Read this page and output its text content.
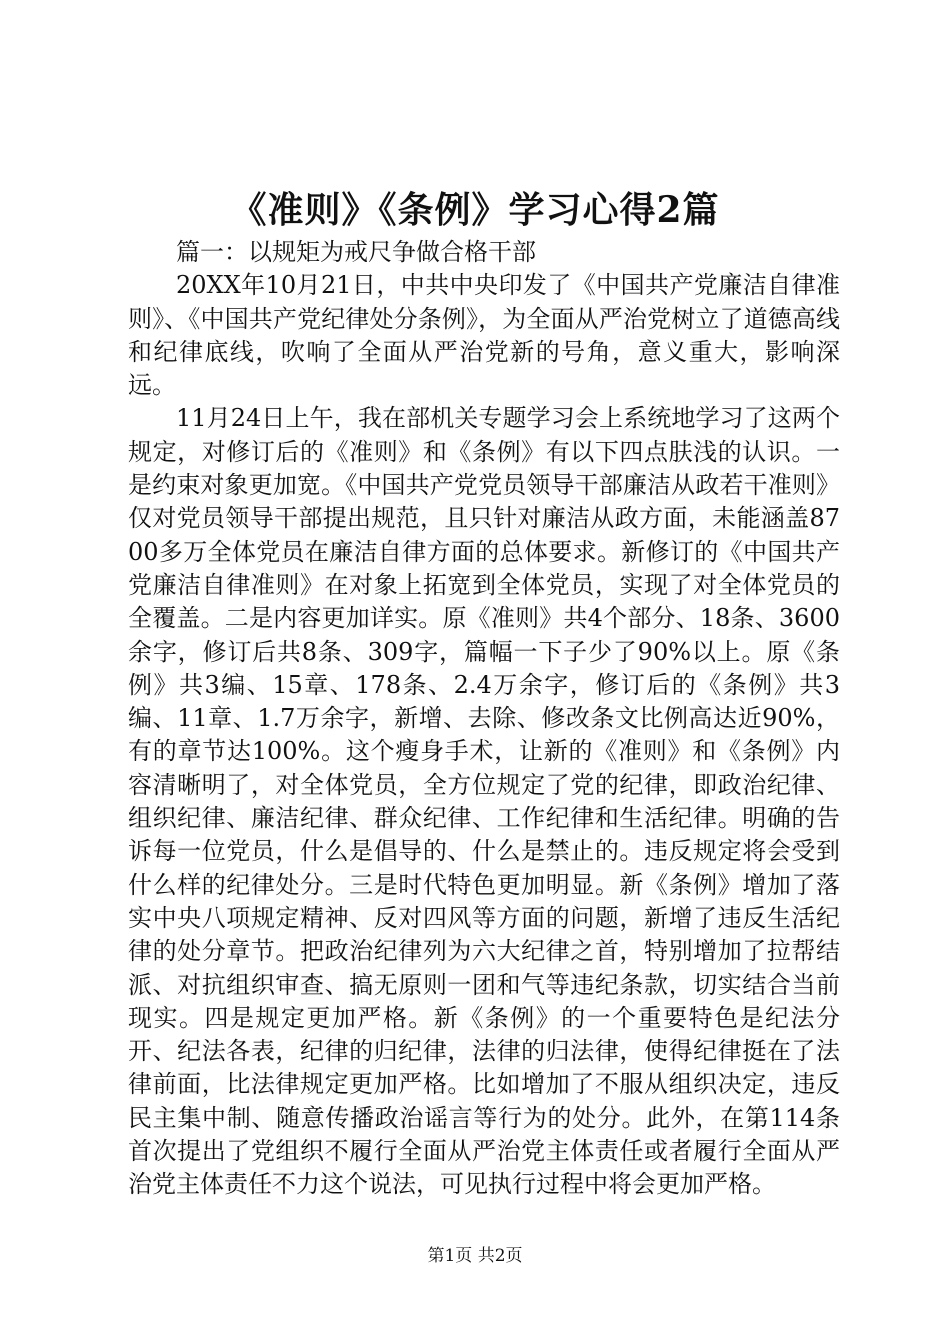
《准则》《条例》学习心得2篇

篇一：以规矩为戒尺争做合格干部

20XX年10月21日，中共中央印发了《中国共产党廉洁自律准则》、《中国共产党纪律处分条例》，为全面从严治党树立了道德高线和纪律底线，吹响了全面从严治党新的号角，意义重大，影响深远。

11月24日上午，我在部机关专题学习会上系统地学习了这两个规定，对修订后的《准则》和《条例》有以下四点肤浅的认识。一是约束对象更加宽。《中国共产党党员领导干部廉洁从政若干准则》仅对党员领导干部提出规范，且只针对廉洁从政方面，未能涵盖8700多万全体党员在廉洁自律方面的总体要求。新修订的《中国共产党廉洁自律准则》在对象上拓宽到全体党员，实现了对全体党员的全覆盖。二是内容更加详实。原《准则》共4个部分、18条、3600余字，修订后共8条、309字，篇幅一下子少了90%以上。原《条例》共3编、15章、178条、2.4万余字，修订后的《条例》共3编、11章、1.7万余字，新增、去除、修改条文比例高达近90%，有的章节达100%。这个瘦身手术，让新的《准则》和《条例》内容清晰明了，对全体党员，全方位规定了党的纪律，即政治纪律、组织纪律、廉洁纪律、群众纪律、工作纪律和生活纪律。明确的告诉每一位党员，什么是倡导的、什么是禁止的。违反规定将会受到什么样的纪律处分。三是时代特色更加明显。新《条例》增加了落实中央八项规定精神、反对四风等方面的问题，新增了违反生活纪律的处分章节。把政治纪律列为六大纪律之首，特别增加了拉帮结派、对抗组织审查、搞无原则一团和气等违纪条款，切实结合当前现实。四是规定更加严格。新《条例》的一个重要特色是纪法分开、纪法各表，纪律的归纪律，法律的归法律，使得纪律挺在了法律前面，比法律规定更加严格。比如增加了不服从组织决定，违反民主集中制、随意传播政治谣言等行为的处分。此外，在第114条首次提出了党组织不履行全面从严治党主体责任或者履行全面从严治党主体责任不力这个说法，可见执行过程中将会更加严格。

第1页 共2页
